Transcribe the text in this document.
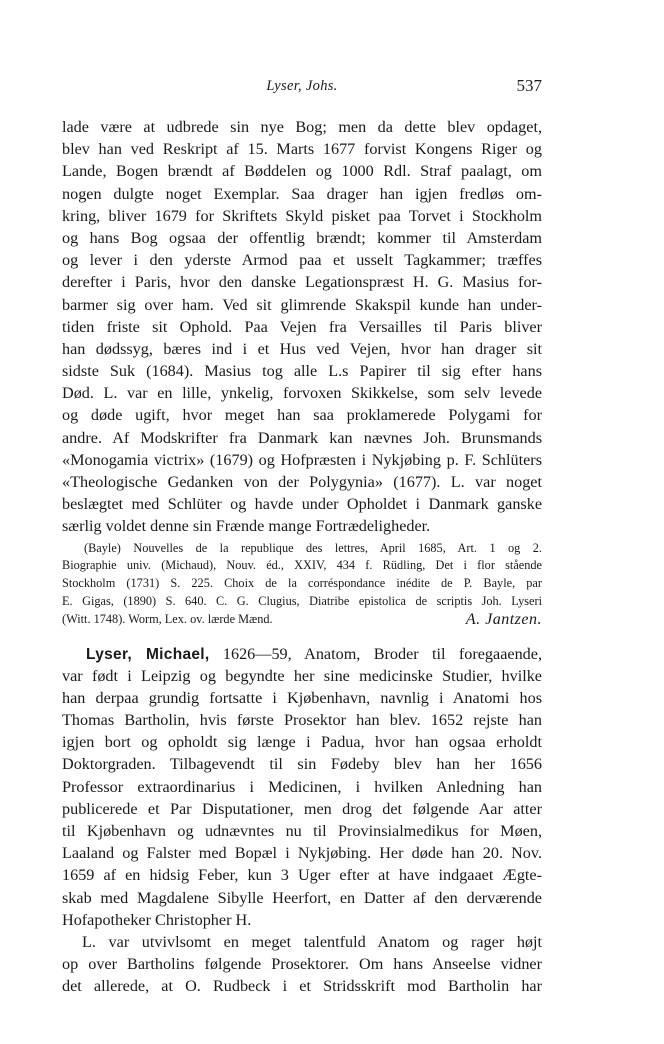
Lyser, Johs.	537
lade være at udbrede sin nye Bog; men da dette blev opdaget,
blev han ved Reskript af 15. Marts 1677 forvist Kongens Riger og
Lande, Bogen brændt af Bøddelen og 1000 Rdl. Straf paalagt, om
nogen dulgte noget Exemplar. Saa drager han igjen fredløs om-
kring, bliver 1679 for Skriftets Skyld pisket paa Torvet i Stockholm
og hans Bog ogsaa der offentlig brændt; kommer til Amsterdam
og lever i den yderste Armod paa et usselt Tagkammer; træffes
derefter i Paris, hvor den danske Legationspræst H. G. Masius for-
barmer sig over ham. Ved sit glimrende Skakspil kunde han under-
tiden friste sit Ophold. Paa Vejen fra Versailles til Paris bliver
han dødssyg, bæres ind i et Hus ved Vejen, hvor han drager sit
sidste Suk (1684). Masius tog alle L.s Papirer til sig efter hans
Død. L. var en lille, ynkelig, forvoxen Skikkelse, som selv levede
og døde ugift, hvor meget han saa proklamerede Polygami for
andre. Af Modskrifter fra Danmark kan nævnes Joh. Brunsmands
«Monogamia victrix» (1679) og Hofpræsten i Nykjøbing p. F. Schlüters
«Theologische Gedanken von der Polygynia» (1677). L. var noget
beslægtet med Schlüter og havde under Opholdet i Danmark ganske
særlig voldet denne sin Frænde mange Fortrædeligheder.
(Bayle) Nouvelles de la republique des lettres, April 1685, Art. 1 og 2.
Biographie univ. (Michaud), Nouv. éd., XXIV, 434 f. Rüdling, Det i flor stående
Stockholm (1731) S. 225. Choix de la corréspondance inédite de P. Bayle, par
E. Gigas, (1890) S. 640. C. G. Clugius, Diatribe epistolica de scriptis Joh. Lyseri
(Witt. 1748). Worm, Lex. ov. lærde Mænd.	A. Jantzen.
Lyser, Michael, 1626—59, Anatom, Broder til foregaaende,
var født i Leipzig og begyndte her sine medicinske Studier, hvilke
han derpaa grundig fortsatte i Kjøbenhavn, navnlig i Anatomi hos
Thomas Bartholin, hvis første Prosektor han blev. 1652 rejste han
igjen bort og opholdt sig længe i Padua, hvor han ogsaa erholdt
Doktorgraden. Tilbagevendt til sin Fødeby blev han her 1656
Professor extraordinarius i Medicinen, i hvilken Anledning han
publicerede et Par Disputationer, men drog det følgende Aar atter
til Kjøbenhavn og udnævntes nu til Provinsialmedikus for Møen,
Laaland og Falster med Bopæl i Nykjøbing. Her døde han 20. Nov.
1659 af en hidsig Feber, kun 3 Uger efter at have indgaaet Ægte-
skab med Magdalene Sibylle Heerfort, en Datter af den derværende
Hofapotheker Christopher H.
L. var utvivlsomt en meget talentfuld Anatom og rager højt
op over Bartholins følgende Prosektorer. Om hans Anseelse vidner
det allerede, at O. Rudbeck i et Stridsskrift mod Bartholin har
